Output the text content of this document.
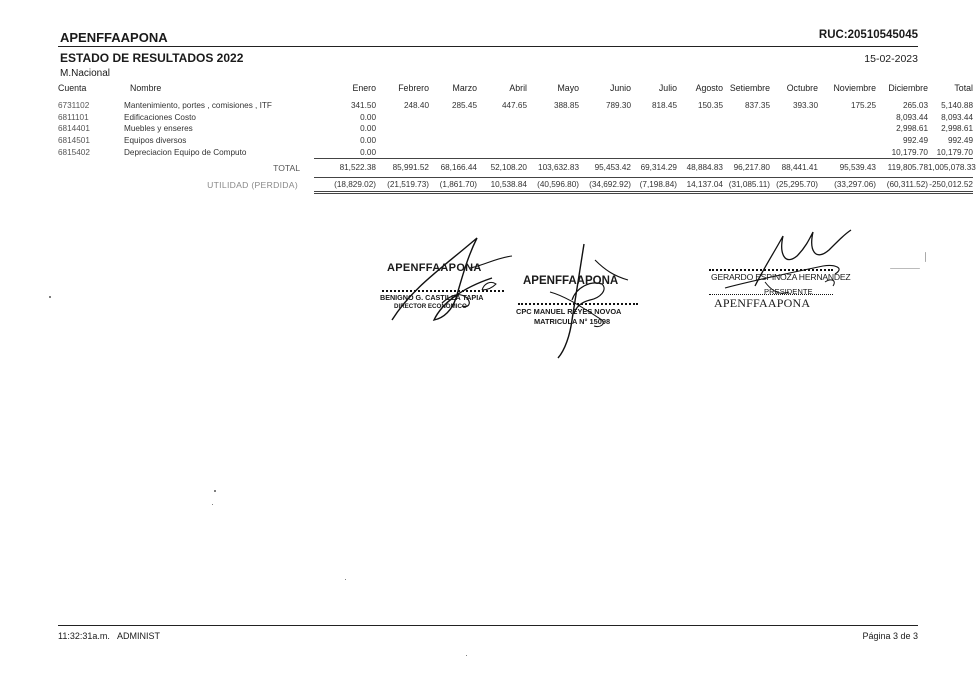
APENFFAAPONA	RUC:20510545045
ESTADO DE RESULTADOS 2022	15-02-2023
M.Nacional
Cuenta	Nombre	Enero	Febrero	Marzo	Abril	Mayo	Junio	Julio	Agosto	Setiembre	Octubre	Noviembre	Diciembre	Total
6731102	Mantenimiento, portes , comisiones , ITF	341.50	248.40	285.45	447.65	388.85	789.30	818.45	150.35	837.35	393.30	175.25	265.03	5,140.88
6811101	Edificaciones Costo	0.00											8,093.44	8,093.44
6814401	Muebles y enseres	0.00											2,998.61	2,998.61
6814501	Equipos diversos	0.00											992.49	992.49
6815402	Depreciacion Equipo de Computo	0.00											10,179.70	10,179.70
	TOTAL	81,522.38	85,991.52	68,166.44	52,108.20	103,632.83	95,453.42	69,314.29	48,884.83	96,217.80	88,441.41	95,539.43	119,805.78	1,005,078.33
	UTILIDAD (PERDIDA)	(18,829.02)	(21,519.73)	(1,861.70)	10,538.84	(40,596.80)	(34,692.92)	(7,198.84)	14,137.04	(31,085.11)	(25,295.70)	(33,297.06)	(60,311.52)	-250,012.52
APENFFAAPONA
BENIGNO G. CASTILLA TAPIA
DIRECTOR ECONOMICO
APENFFAAPONA
CPC MANUEL REYES NOVOA
MATRICULA N° 15098
GERARDO ESPINOZA HERNANDEZ
PRESIDENTE
APENFFAAPONA
11:32:31a.m. ADMINIST	Página 3 de 3
